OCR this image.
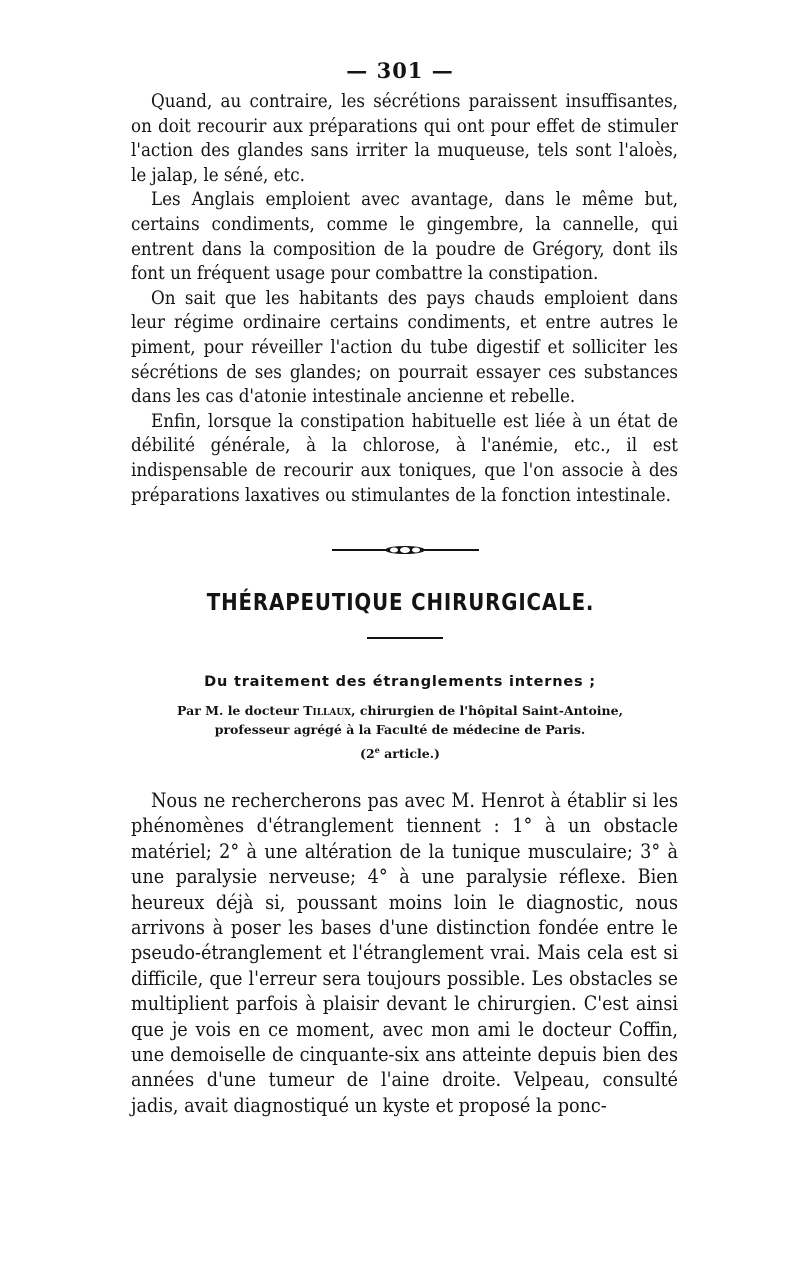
— 301 —

Quand, au contraire, les sécrétions paraissent insuffisantes, on doit recourir aux préparations qui ont pour effet de stimuler l'action des glandes sans irriter la muqueuse, tels sont l'aloès, le jalap, le séné, etc.

Les Anglais emploient avec avantage, dans le même but, certains condiments, comme le gingembre, la cannelle, qui entrent dans la composition de la poudre de Grégory, dont ils font un fréquent usage pour combattre la constipation.

On sait que les habitants des pays chauds emploient dans leur régime ordinaire certains condiments, et entre autres le piment, pour réveiller l'action du tube digestif et solliciter les sécrétions de ses glandes; on pourrait essayer ces substances dans les cas d'atonie intestinale ancienne et rebelle.

Enfin, lorsque la constipation habituelle est liée à un état de débilité générale, à la chlorose, à l'anémie, etc., il est indispensable de recourir aux toniques, que l'on associe à des préparations laxatives ou stimulantes de la fonction intestinale.

THÉRAPEUTIQUE CHIRURGICALE.
Du traitement des étranglements internes ;
Par M. le docteur Tillaux, chirurgien de l'hôpital Saint-Antoine,
professeur agrégé à la Faculté de médecine de Paris.
(2e article.)

Nous ne rechercherons pas avec M. Henrot à établir si les phénomènes d'étranglement tiennent : 1° à un obstacle matériel; 2° à une altération de la tunique musculaire; 3° à une paralysie nerveuse; 4° à une paralysie réflexe. Bien heureux déjà si, poussant moins loin le diagnostic, nous arrivons à poser les bases d'une distinction fondée entre le pseudo-étranglement et l'étranglement vrai. Mais cela est si difficile, que l'erreur sera toujours possible. Les obstacles se multiplient parfois à plaisir devant le chirurgien. C'est ainsi que je vois en ce moment, avec mon ami le docteur Coffin, une demoiselle de cinquante-six ans atteinte depuis bien des années d'une tumeur de l'aine droite. Velpeau, consulté jadis, avait diagnostiqué un kyste et proposé la ponc-
